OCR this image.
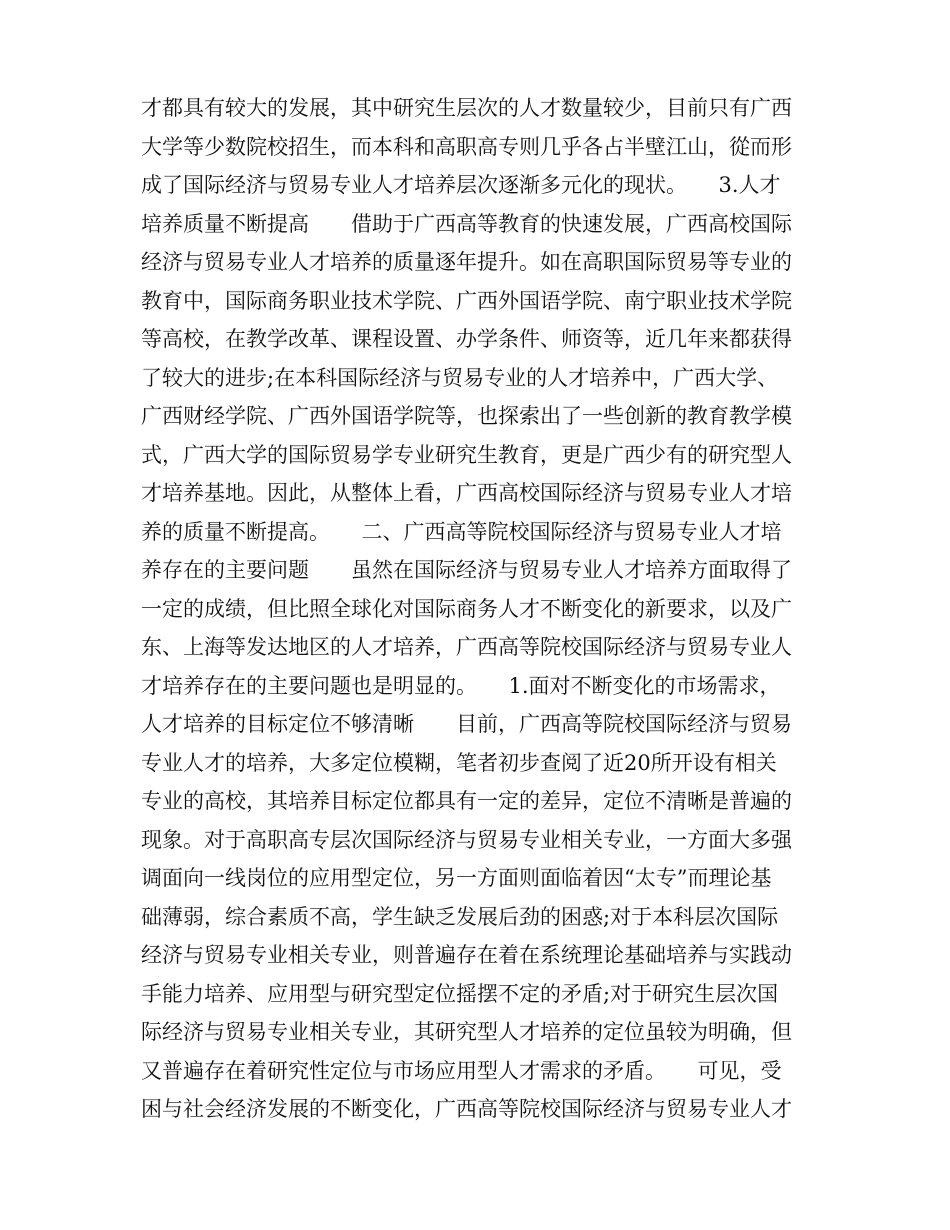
才都具有较大的发展，其中研究生层次的人才数量较少，目前只有广西
大学等少数院校招生，而本科和高职高专则几乎各占半壁江山，從而形
成了国际经济与贸易专业人才培养层次逐渐多元化的现状。　　3.人才
培养质量不断提高　　借助于广西高等教育的快速发展，广西高校国际
经济与贸易专业人才培养的质量逐年提升。如在高职国际贸易等专业的
教育中，国际商务职业技术学院、广西外国语学院、南宁职业技术学院
等高校，在教学改革、课程设置、办学条件、师资等，近几年来都获得
了较大的进步;在本科国际经济与贸易专业的人才培养中，广西大学、
广西财经学院、广西外国语学院等，也探索出了一些创新的教育教学模
式，广西大学的国际贸易学专业研究生教育，更是广西少有的研究型人
才培养基地。因此，从整体上看，广西高校国际经济与贸易专业人才培
养的质量不断提高。　　二、广西高等院校国际经济与贸易专业人才培
养存在的主要问题　　虽然在国际经济与贸易专业人才培养方面取得了
一定的成绩，但比照全球化对国际商务人才不断变化的新要求，以及广
东、上海等发达地区的人才培养，广西高等院校国际经济与贸易专业人
才培养存在的主要问题也是明显的。　　1.面对不断变化的市场需求，
人才培养的目标定位不够清晰　　目前，广西高等院校国际经济与贸易
专业人才的培养，大多定位模糊，笔者初步查阅了近20所开设有相关
专业的高校，其培养目标定位都具有一定的差异，定位不清晰是普遍的
现象。对于高职高专层次国际经济与贸易专业相关专业，一方面大多强
调面向一线岗位的应用型定位，另一方面则面临着因“太专”而理论基
础薄弱，综合素质不高，学生缺乏发展后劲的困惑;对于本科层次国际
经济与贸易专业相关专业，则普遍存在着在系统理论基础培养与实践动
手能力培养、应用型与研究型定位摇摆不定的矛盾;对于研究生层次国
际经济与贸易专业相关专业，其研究型人才培养的定位虽较为明确，但
又普遍存在着研究性定位与市场应用型人才需求的矛盾。　　可见，受
困与社会经济发展的不断变化，广西高等院校国际经济与贸易专业人才
